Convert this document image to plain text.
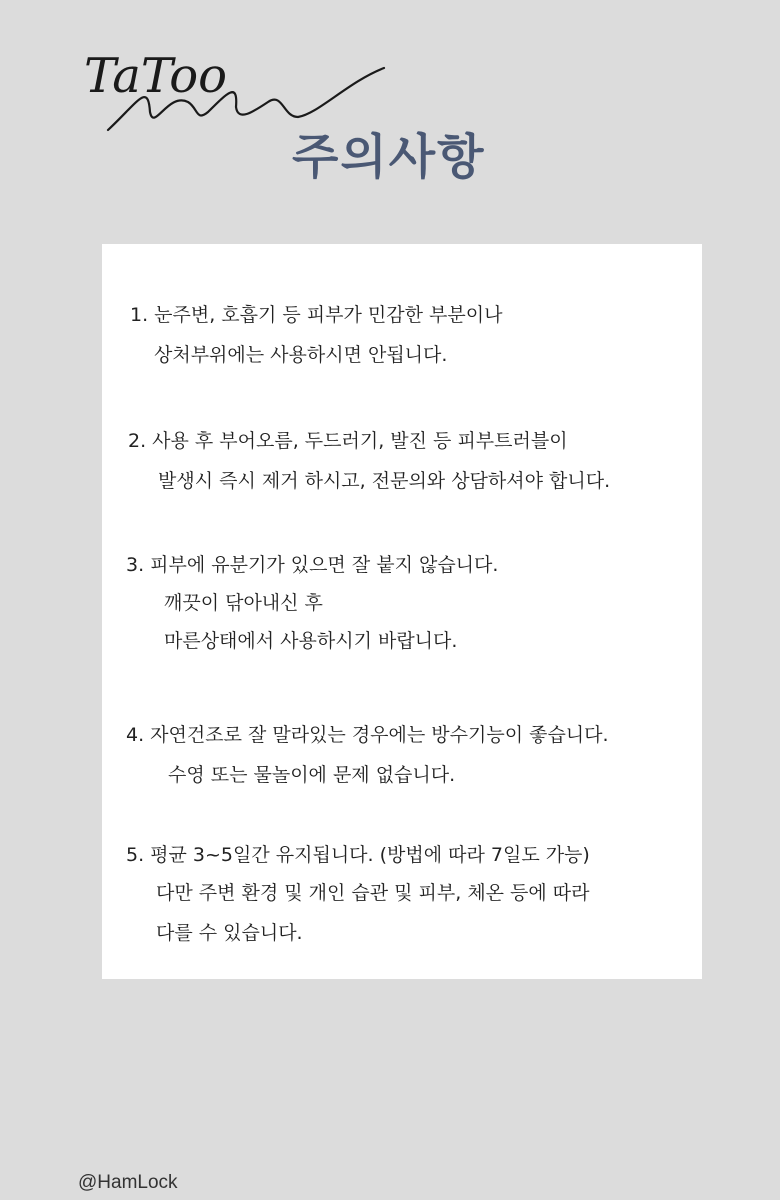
TaToo
주의사항
1. 눈주변, 호흡기 등 피부가 민감한 부분이나
상처부위에는 사용하시면 안됩니다.
2. 사용 후 부어오름, 두드러기, 발진 등 피부트러블이
발생시 즉시 제거 하시고, 전문의와 상담하셔야 합니다.
3. 피부에 유분기가 있으면 잘 붙지 않습니다.
깨끗이 닦아내신 후
마른상태에서 사용하시기 바랍니다.
4. 자연건조로 잘 말라있는 경우에는 방수기능이 좋습니다.
수영 또는 물놀이에 문제 없습니다.
5. 평균 3~5일간 유지됩니다. (방법에 따라 7일도 가능)
다만 주변 환경 및 개인 습관 및 피부, 체온 등에 따라
다를 수 있습니다.
@HamLock
